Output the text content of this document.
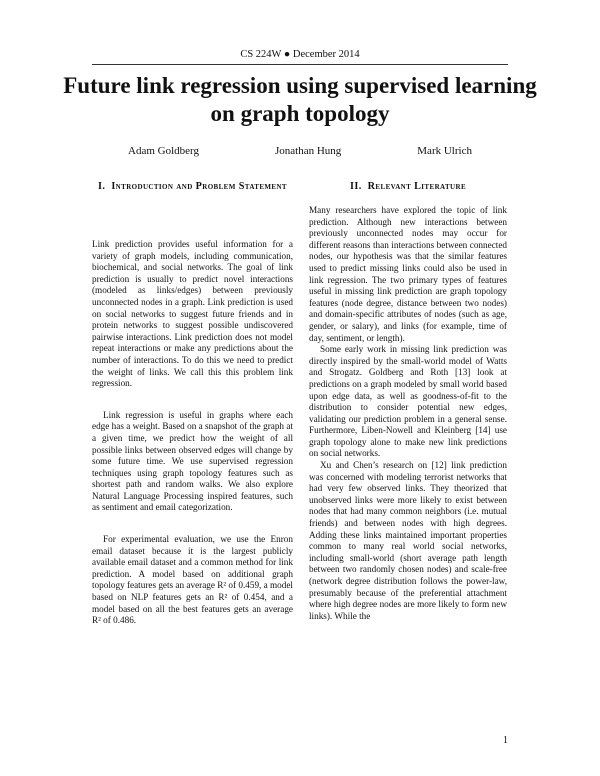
CS 224W ● December 2014
Future link regression using supervised learning on graph topology
Adam Goldberg	Jonathan Hung	Mark Ulrich
I. Introduction and Problem Statement

Link prediction provides useful information for a variety of graph models, including communication, biochemical, and social networks. The goal of link prediction is usually to predict novel interactions (modeled as links/edges) between previously unconnected nodes in a graph. Link prediction is used on social networks to suggest future friends and in protein networks to suggest possible undiscovered pairwise interactions. Link prediction does not model repeat interactions or make any predictions about the number of interactions. To do this we need to predict the weight of links. We call this this problem link regression.

Link regression is useful in graphs where each edge has a weight. Based on a snapshot of the graph at a given time, we predict how the weight of all possible links between observed edges will change by some future time. We use supervised regression techniques using graph topology features such as shortest path and random walks. We also explore Natural Language Processing inspired features, such as sentiment and email categorization.

For experimental evaluation, we use the Enron email dataset because it is the largest publicly available email dataset and a common method for link prediction. A model based on additional graph topology features gets an average R² of 0.459, a model based on NLP features gets an R² of 0.454, and a model based on all the best features gets an average R² of 0.486.

II. Relevant Literature

Many researchers have explored the topic of link prediction. Although new interactions between previously unconnected nodes may occur for different reasons than interactions between connected nodes, our hypothesis was that the similar features used to predict missing links could also be used in link regression. The two primary types of features useful in missing link prediction are graph topology features (node degree, distance between two nodes) and domain-specific attributes of nodes (such as age, gender, or salary), and links (for example, time of day, sentiment, or length).

Some early work in missing link prediction was directly inspired by the small-world model of Watts and Strogatz. Goldberg and Roth [13] look at predictions on a graph modeled by small world based upon edge data, as well as goodness-of-fit to the distribution to consider potential new edges, validating our prediction problem in a general sense. Furthermore, Liben-Nowell and Kleinberg [14] use graph topology alone to make new link predictions on social networks.

Xu and Chen’s research on [12] link prediction was concerned with modeling terrorist networks that had very few observed links. They theorized that unobserved links were more likely to exist between nodes that had many common neighbors (i.e. mutual friends) and between nodes with high degrees. Adding these links maintained important properties common to many real world social networks, including small-world (short average path length between two randomly chosen nodes) and scale-free (network degree distribution follows the power-law, presumably because of the preferential attachment where high degree nodes are more likely to form new links). While the

1
